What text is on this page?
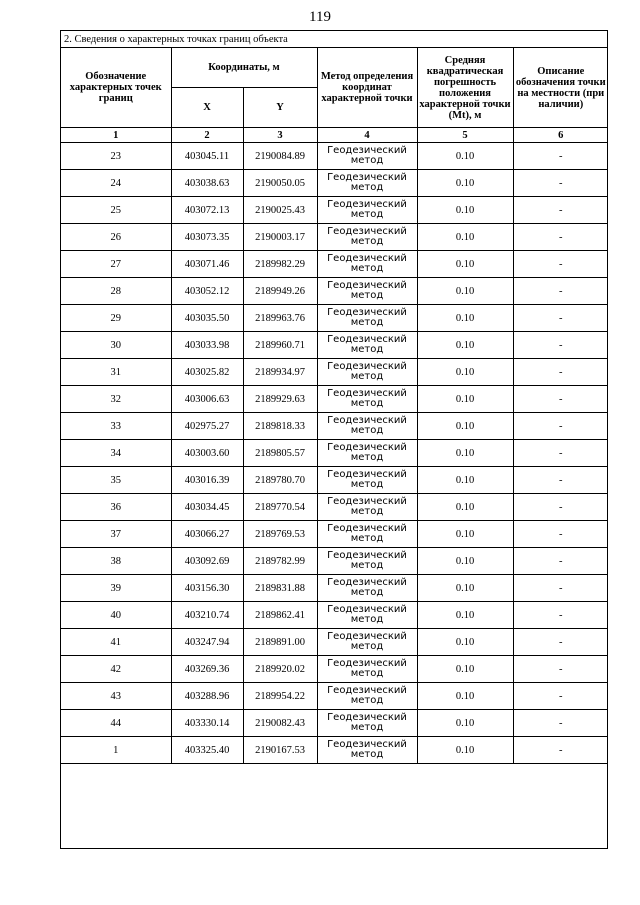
119
2. Сведения о характерных точках границ объекта					
Обозначение характерных точек границ	Координаты, м		Метод определения координат характерной точки	Средняя квадратическая погрешность положения характерной точки (Mt), м	Описание обозначения точки на местности (при наличии)
	X	Y			
1	2	3	4	5	6
23	403045.11	2190084.89	Геодезический метод	0.10	-
24	403038.63	2190050.05	Геодезический метод	0.10	-
25	403072.13	2190025.43	Геодезический метод	0.10	-
26	403073.35	2190003.17	Геодезический метод	0.10	-
27	403071.46	2189982.29	Геодезический метод	0.10	-
28	403052.12	2189949.26	Геодезический метод	0.10	-
29	403035.50	2189963.76	Геодезический метод	0.10	-
30	403033.98	2189960.71	Геодезический метод	0.10	-
31	403025.82	2189934.97	Геодезический метод	0.10	-
32	403006.63	2189929.63	Геодезический метод	0.10	-
33	402975.27	2189818.33	Геодезический метод	0.10	-
34	403003.60	2189805.57	Геодезический метод	0.10	-
35	403016.39	2189780.70	Геодезический метод	0.10	-
36	403034.45	2189770.54	Геодезический метод	0.10	-
37	403066.27	2189769.53	Геодезический метод	0.10	-
38	403092.69	2189782.99	Геодезический метод	0.10	-
39	403156.30	2189831.88	Геодезический метод	0.10	-
40	403210.74	2189862.41	Геодезический метод	0.10	-
41	403247.94	2189891.00	Геодезический метод	0.10	-
42	403269.36	2189920.02	Геодезический метод	0.10	-
43	403288.96	2189954.22	Геодезический метод	0.10	-
44	403330.14	2190082.43	Геодезический метод	0.10	-
1	403325.40	2190167.53	Геодезический метод	0.10	-
